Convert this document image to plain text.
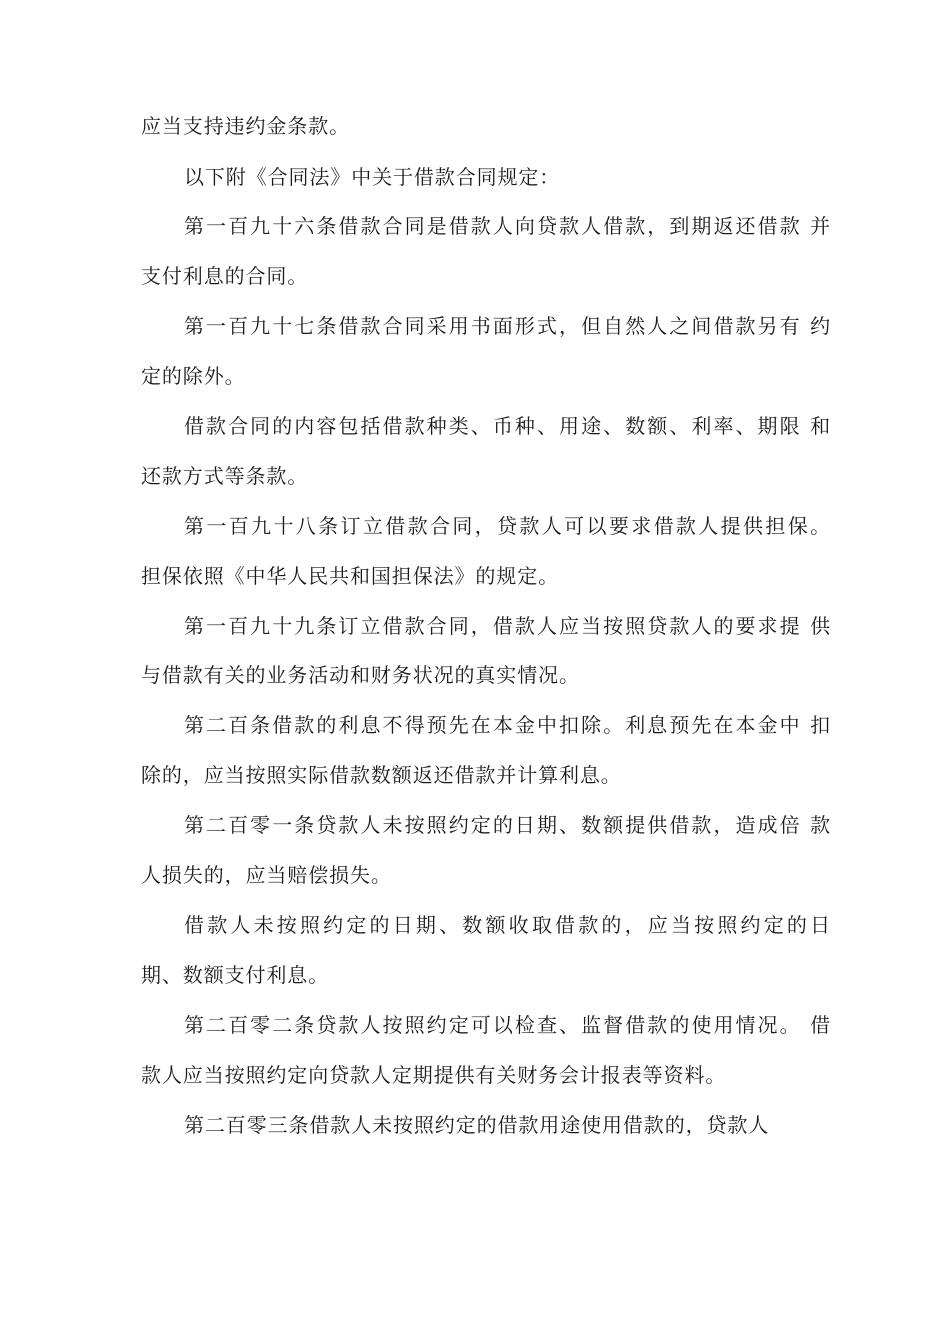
应当支持违约金条款。
以下附《合同法》中关于借款合同规定：
第一百九十六条借款合同是借款人向贷款人借款，到期返还借款 并
支付利息的合同。
第一百九十七条借款合同采用书面形式，但自然人之间借款另有 约
定的除外。
借款合同的内容包括借款种类、币种、用途、数额、利率、期限 和
还款方式等条款。
第一百九十八条订立借款合同，贷款人可以要求借款人提供担保。
担保依照《中华人民共和国担保法》的规定。
第一百九十九条订立借款合同，借款人应当按照贷款人的要求提 供
与借款有关的业务活动和财务状况的真实情况。
第二百条借款的利息不得预先在本金中扣除。利息预先在本金中 扣
除的，应当按照实际借款数额返还借款并计算利息。
第二百零一条贷款人未按照约定的日期、数额提供借款，造成倍 款
人损失的，应当赔偿损失。
借款人未按照约定的日期、数额收取借款的，应当按照约定的日
期、数额支付利息。
第二百零二条贷款人按照约定可以检查、监督借款的使用情况。 借
款人应当按照约定向贷款人定期提供有关财务会计报表等资料。
第二百零三条借款人未按照约定的借款用途使用借款的，贷款人
